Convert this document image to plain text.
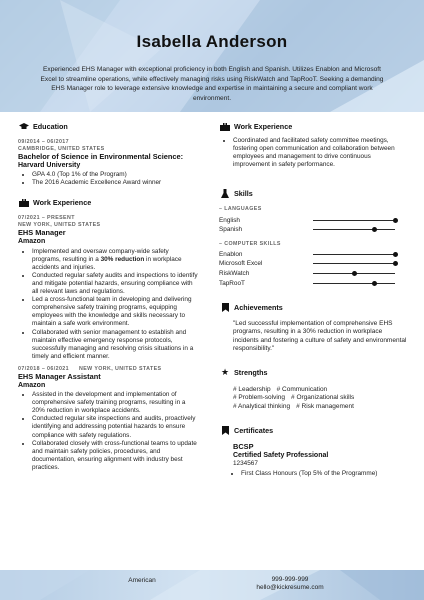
Isabella Anderson
Experienced EHS Manager with exceptional proficiency in both English and Spanish. Utilizes Enablon and Microsoft Excel to streamline operations, while effectively managing risks using RiskWatch and TapRooT. Seeking a demanding EHS Manager role to leverage extensive knowledge and expertise in maintaining a secure and compliant work environment.
Education
09/2014 – 06/2017
CAMBRIDGE, UNITED STATES
Bachelor of Science in Environmental Science:
Harvard University
• GPA 4.0 (Top 1% of the Program)
• The 2016 Academic Excellence Award winner
Work Experience
07/2021 – PRESENT
NEW YORK, UNITED STATES
EHS Manager
Amazon
• Implemented and oversaw company-wide safety programs, resulting in a 30% reduction in workplace accidents and injuries.
• Conducted regular safety audits and inspections to identify and mitigate potential hazards, ensuring compliance with all relevant laws and regulations.
• Led a cross-functional team in developing and delivering comprehensive safety training programs, equipping employees with the knowledge and skills necessary to maintain a safe work environment.
• Collaborated with senior management to establish and maintain effective emergency response protocols, successfully managing and resolving crisis situations in a timely and efficient manner.
07/2018 – 06/2021 NEW YORK, UNITED STATES
EHS Manager Assistant
Amazon
• Assisted in the development and implementation of comprehensive safety training programs, resulting in a 20% reduction in workplace accidents.
• Conducted regular site inspections and audits, proactively identifying and addressing potential hazards to ensure compliance with safety regulations.
• Collaborated closely with cross-functional teams to update and maintain safety policies, procedures, and documentation, ensuring alignment with industry best practices.
Work Experience
• Coordinated and facilitated safety committee meetings, fostering open communication and collaboration between employees and management to drive continuous improvement in safety performance.
Skills
– LANGUAGES
English
Spanish
– COMPUTER SKILLS
Enablon
Microsoft Excel
RiskWatch
TapRooT
Achievements
"Led successful implementation of comprehensive EHS programs, resulting in a 30% reduction in workplace incidents and fostering a culture of safety and environmental responsibility."
★ Strengths
# Leadership # Communication
# Problem-solving # Organizational skills
# Analytical thinking # Risk management
Certificates
BCSP
Certified Safety Professional
1234567
• First Class Honours (Top 5% of the Programme)
American	999-999-999
hello@kickresume.com
